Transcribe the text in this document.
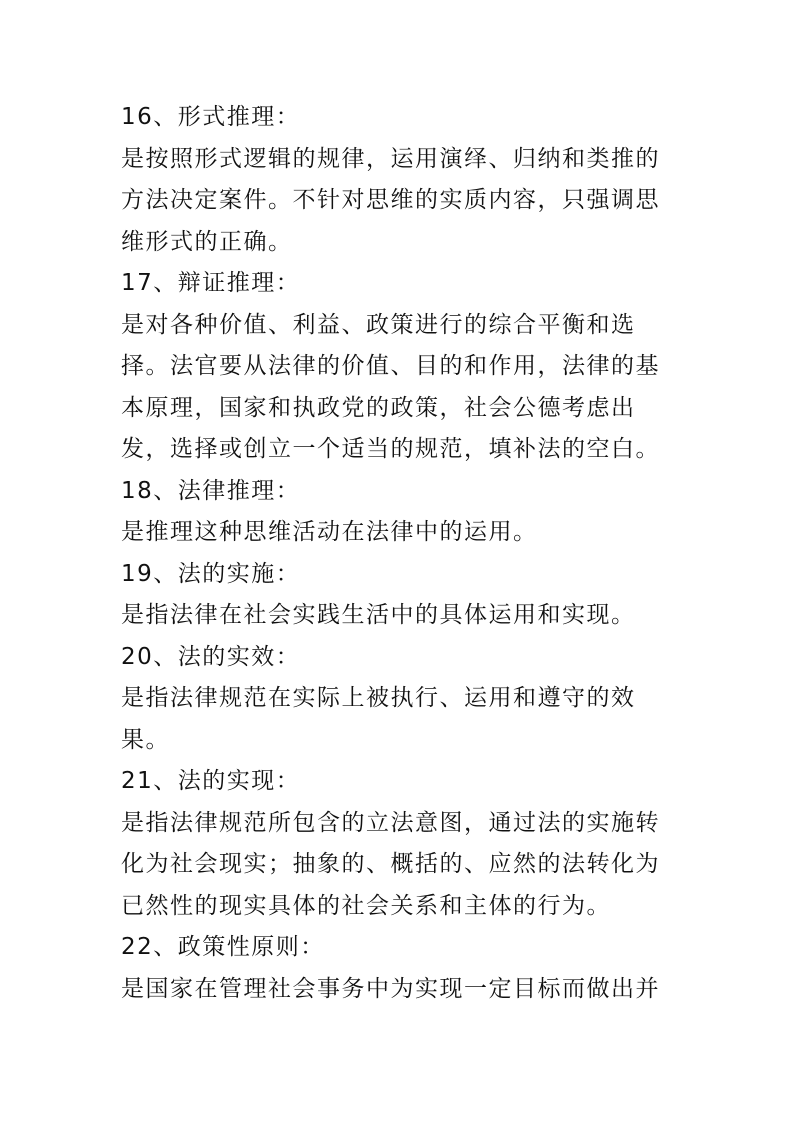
16、形式推理：

是按照形式逻辑的规律，运用演绎、归纳和类推的方法决定案件。不针对思维的实质内容，只强调思维形式的正确。

17、辩证推理：

是对各种价值、利益、政策进行的综合平衡和选择。法官要从法律的价值、目的和作用，法律的基本原理，国家和执政党的政策，社会公德考虑出发，选择或创立一个适当的规范，填补法的空白。

18、法律推理：

是推理这种思维活动在法律中的运用。

19、法的实施：

是指法律在社会实践生活中的具体运用和实现。

20、法的实效：

是指法律规范在实际上被执行、运用和遵守的效果。

21、法的实现：

是指法律规范所包含的立法意图，通过法的实施转化为社会现实；抽象的、概括的、应然的法转化为已然性的现实具体的社会关系和主体的行为。

22、政策性原则：

是国家在管理社会事务中为实现一定目标而做出并
